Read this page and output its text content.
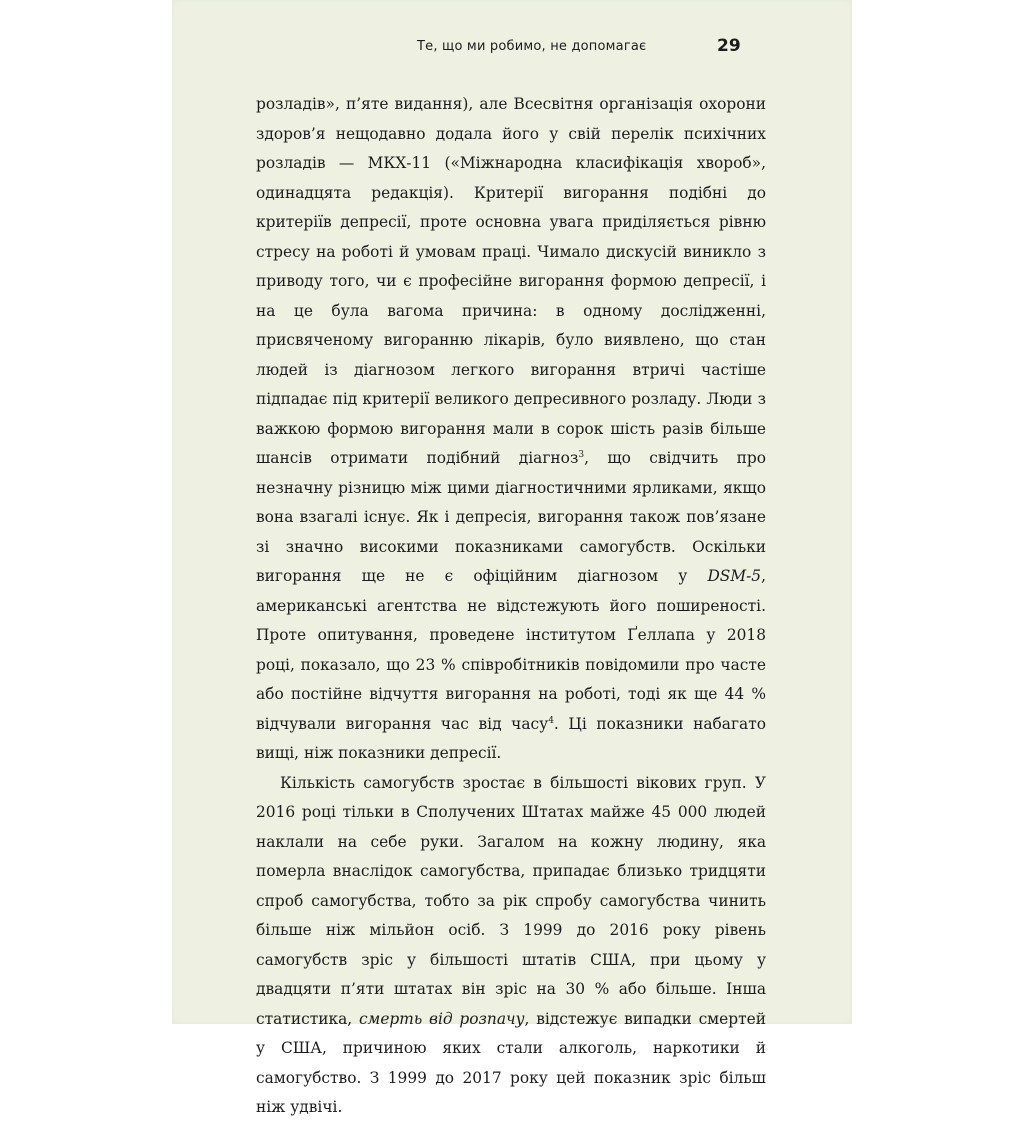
Те, що ми робимо, не допомагає	29

розладів», п’яте видання), але Всесвітня організація охорони здоров’я нещодавно додала його у свій перелік психічних розладів — МКХ-11 («Міжнародна класифікація хвороб», одинадцята редакція). Критерії вигорання подібні до критеріїв депресії, проте основна увага приділяється рівню стресу на роботі й умовам праці. Чимало дискусій виникло з приводу того, чи є професійне вигорання формою депресії, і на це була вагома причина: в одному дослідженні, присвяченому вигоранню лікарів, було виявлено, що стан людей із діагнозом легкого вигорання втричі частіше підпадає під критерії великого депресивного розладу. Люди з важкою формою вигорання мали в сорок шість разів більше шансів отримати подібний діагноз$^3$, що свідчить про незначну різницю між цими діагностичними ярликами, якщо вона взагалі існує. Як і депресія, вигорання також пов’язане зі значно високими показниками самогубств. Оскільки вигорання ще не є офіційним діагнозом у DSM-5, американські агентства не відстежують його поширеності. Проте опитування, проведене інститутом Ґеллапа у 2018 році, показало, що 23 % співробітників повідомили про часте або постійне відчуття вигорання на роботі, тоді як ще 44 % відчували вигорання час від часу$^4$. Ці показники набагато вищі, ніж показники депресії.

Кількість самогубств зростає в більшості вікових груп. У 2016 році тільки в Сполучених Штатах майже 45 000 людей наклали на себе руки. Загалом на кожну людину, яка померла внаслідок самогубства, припадає близько тридцяти спроб самогубства, тобто за рік спробу самогубства чинить більше ніж мільйон осіб. З 1999 до 2016 року рівень самогубств зріс у більшості штатів США, при цьому у двадцяти п’яти штатах він зріс на 30 % або більше. Інша статистика, смерть від розпачу, відстежує випадки смертей у США, причиною яких стали алкоголь, наркотики й самогубство. З 1999 до 2017 року цей показник зріс більш ніж удвічі.
